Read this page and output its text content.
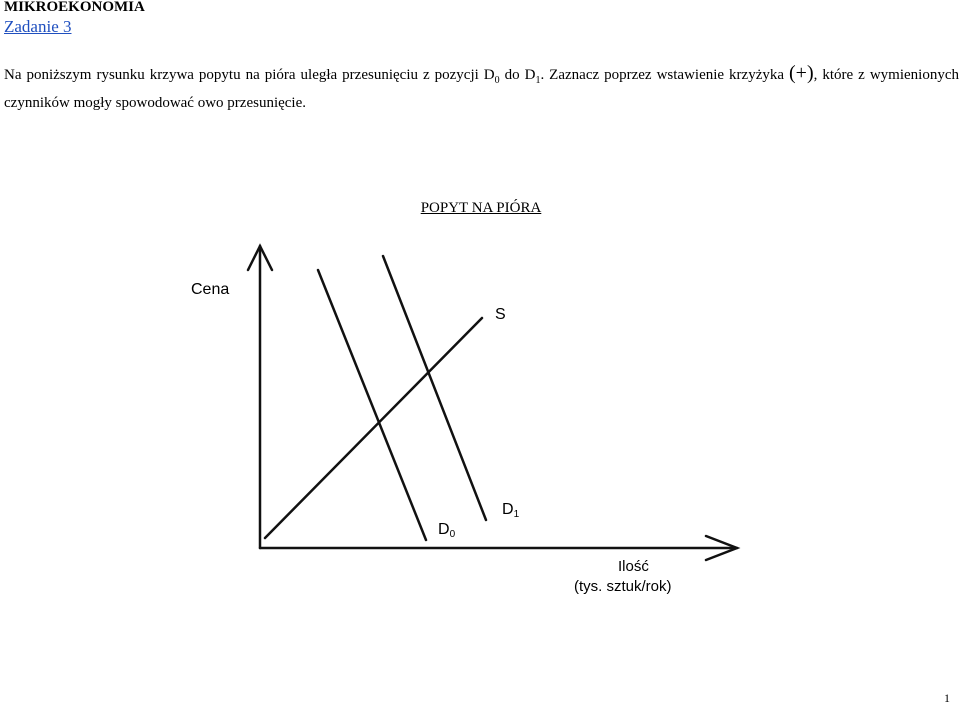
MIKROEKONOMIA
Zadanie 3
Na poniższym rysunku krzywa popytu na pióra uległa przesunięciu z pozycji $D_0$ do $D_1$. Zaznacz poprzez wstawienie krzyżyka (+), które z wymienionych czynników mogły spowodować owo przesunięcie.
POPYT NA PIÓRA
Cena
Ilość
(tys. sztuk/rok)
S
D0
D1
1
